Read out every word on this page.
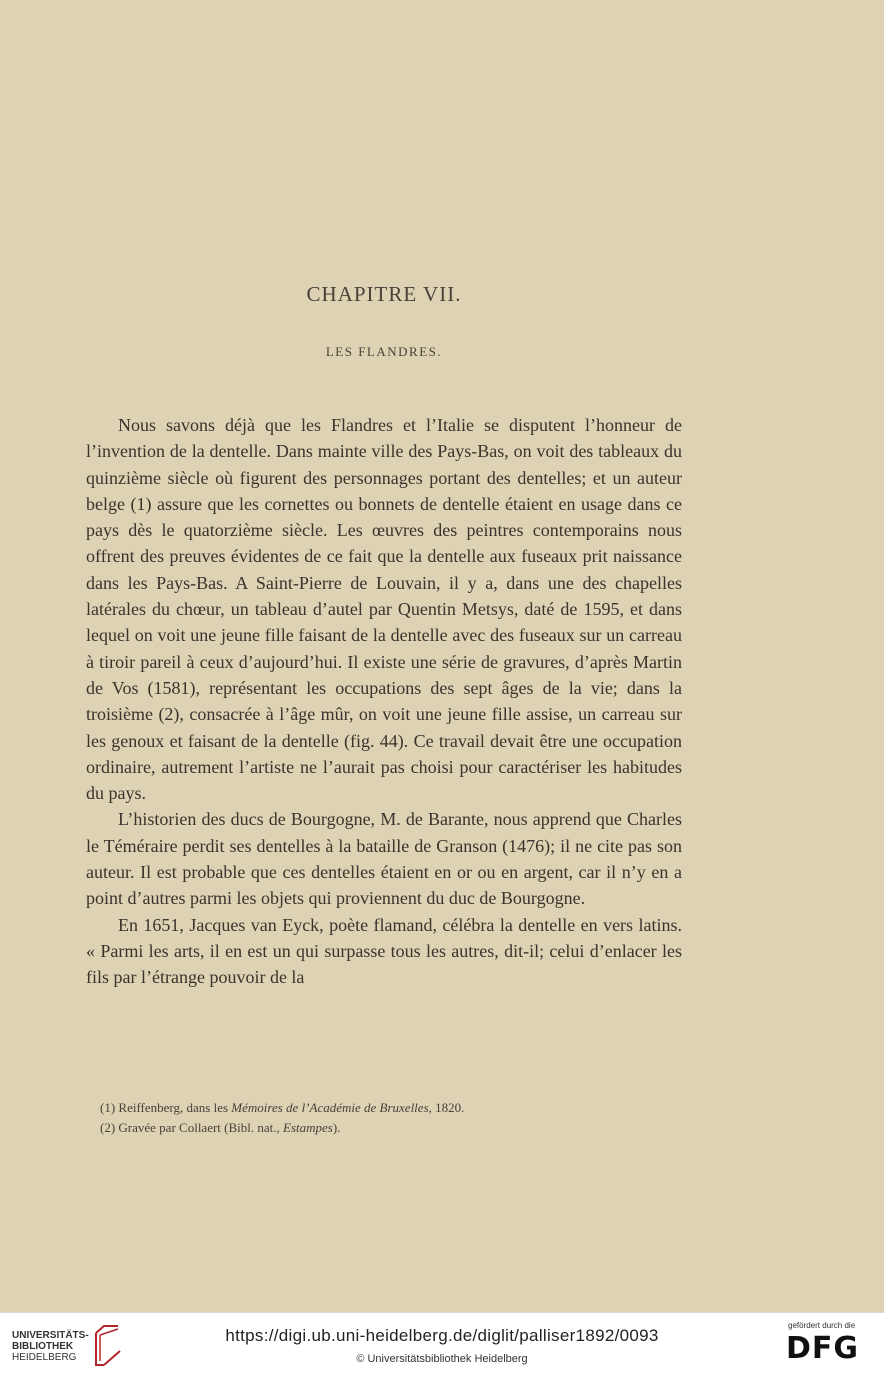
CHAPITRE VII.
LES FLANDRES.

Nous savons déjà que les Flandres et l’Italie se disputent l’honneur de l’invention de la dentelle. Dans mainte ville des Pays-Bas, on voit des tableaux du quinzième siècle où figurent des personnages portant des dentelles; et un auteur belge (1) assure que les cornettes ou bonnets de dentelle étaient en usage dans ce pays dès le quatorzième siècle. Les œuvres des peintres contemporains nous offrent des preuves évidentes de ce fait que la dentelle aux fuseaux prit naissance dans les Pays-Bas. A Saint-Pierre de Louvain, il y a, dans une des chapelles latérales du chœur, un tableau d’autel par Quentin Metsys, daté de 1595, et dans lequel on voit une jeune fille faisant de la dentelle avec des fuseaux sur un carreau à tiroir pareil à ceux d’aujourd’hui. Il existe une série de gravures, d’après Martin de Vos (1581), représentant les occupations des sept âges de la vie; dans la troisième (2), consacrée à l’âge mûr, on voit une jeune fille assise, un carreau sur les genoux et faisant de la dentelle (fig. 44). Ce travail devait être une occupation ordinaire, autrement l’artiste ne l’aurait pas choisi pour caractériser les habitudes du pays.

L’historien des ducs de Bourgogne, M. de Barante, nous apprend que Charles le Téméraire perdit ses dentelles à la bataille de Granson (1476); il ne cite pas son auteur. Il est probable que ces dentelles étaient en or ou en argent, car il n’y en a point d’autres parmi les objets qui proviennent du duc de Bourgogne.

En 1651, Jacques van Eyck, poète flamand, célébra la dentelle en vers latins. « Parmi les arts, il en est un qui surpasse tous les autres, dit-il; celui d’enlacer les fils par l’étrange pouvoir de la

(1) Reiffenberg, dans les Mémoires de l’Académie de Bruxelles, 1820.
(2) Gravée par Collaert (Bibl. nat., Estampes).
UNIVERSITÄTS-
BIBLIOTHEK
HEIDELBERG
https://digi.ub.uni-heidelberg.de/diglit/palliser1892/0093
© Universitätsbibliothek Heidelberg
gefördert durch die
DFG
